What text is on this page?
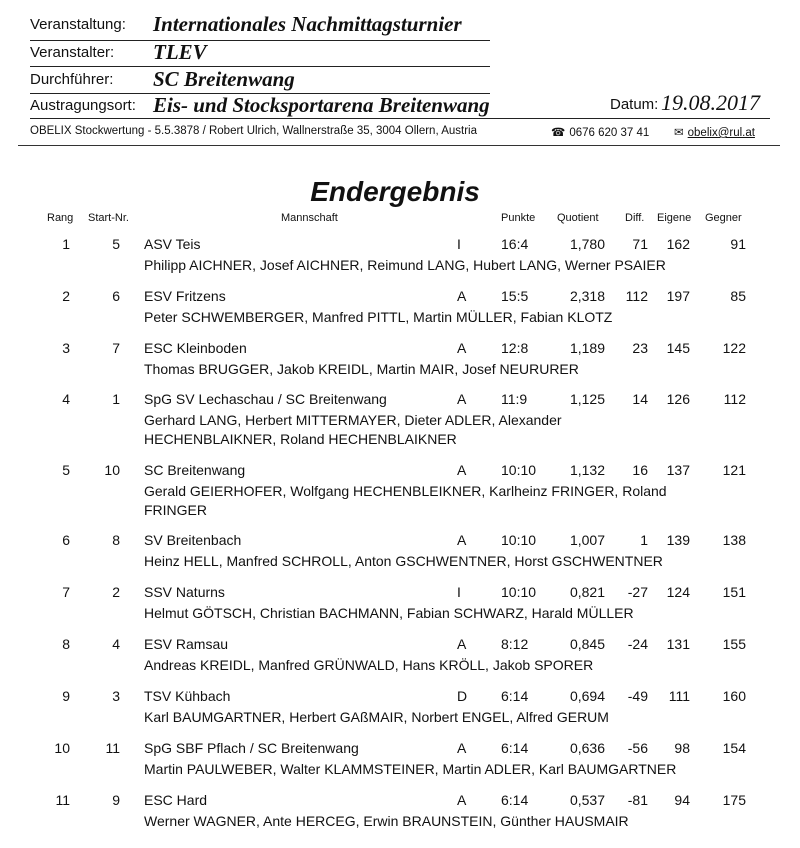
Veranstaltung: Internationales Nachmittagsturnier
Veranstalter: TLEV
Durchführer: SC Breitenwang
Austragungsort: Eis- und Stocksportarena Breitenwang	Datum: 19.08.2017
OBELIX Stockwertung - 5.5.3878 / Robert Ulrich, Wallnerstraße 35, 3004 Ollern, Austria	☎ 0676 620 37 41 ✉ obelix@rul.at
Endergebnis
Rang Start-Nr.	Mannschaft	Punkte Quotient Diff. Eigene Gegner
1	5 ASV Teis	I	16:4	1,780	71	162	91
Philipp AICHNER, Josef AICHNER, Reimund LANG, Hubert LANG, Werner PSAIER
2	6 ESV Fritzens	A 15:5	2,318	112	197	85
Peter SCHWEMBERGER, Manfred PITTL, Martin MÜLLER, Fabian KLOTZ
3	7 ESC Kleinboden	A 12:8	1,189	23	145	122
Thomas BRUGGER, Jakob KREIDL, Martin MAIR, Josef NEURURER
4	1 SpG SV Lechaschau / SC Breitenwang	A 11:9	1,125	14	126	112
Gerhard LANG, Herbert MITTERMAYER, Dieter ADLER, Alexander HECHENBLAIKNER, Roland HECHENBLAIKNER
5	10 SC Breitenwang	A 10:10	1,132	16	137	121
Gerald GEIERHOFER, Wolfgang HECHENBLEIKNER, Karlheinz FRINGER, Roland FRINGER
6	8 SV Breitenbach	A 10:10	1,007	1	139	138
Heinz HELL, Manfred SCHROLL, Anton GSCHWENTNER, Horst GSCHWENTNER
7	2 SSV Naturns	I	10:10	0,821	-27	124	151
Helmut GÖTSCH, Christian BACHMANN, Fabian SCHWARZ, Harald MÜLLER
8	4 ESV Ramsau	A 8:12	0,845	-24	131	155
Andreas KREIDL, Manfred GRÜNWALD, Hans KRÖLL, Jakob SPORER
9	3 TSV Kühbach	D 6:14	0,694	-49	111	160
Karl BAUMGARTNER, Herbert GAßMAIR, Norbert ENGEL, Alfred GERUM
10	11 SpG SBF Pflach / SC Breitenwang	A 6:14	0,636	-56	98	154
Martin PAULWEBER, Walter KLAMMSTEINER, Martin ADLER, Karl BAUMGARTNER
11	9 ESC Hard	A 6:14	0,537	-81	94	175
Werner WAGNER, Ante HERCEG, Erwin BRAUNSTEIN, Günther HAUSMAIR
